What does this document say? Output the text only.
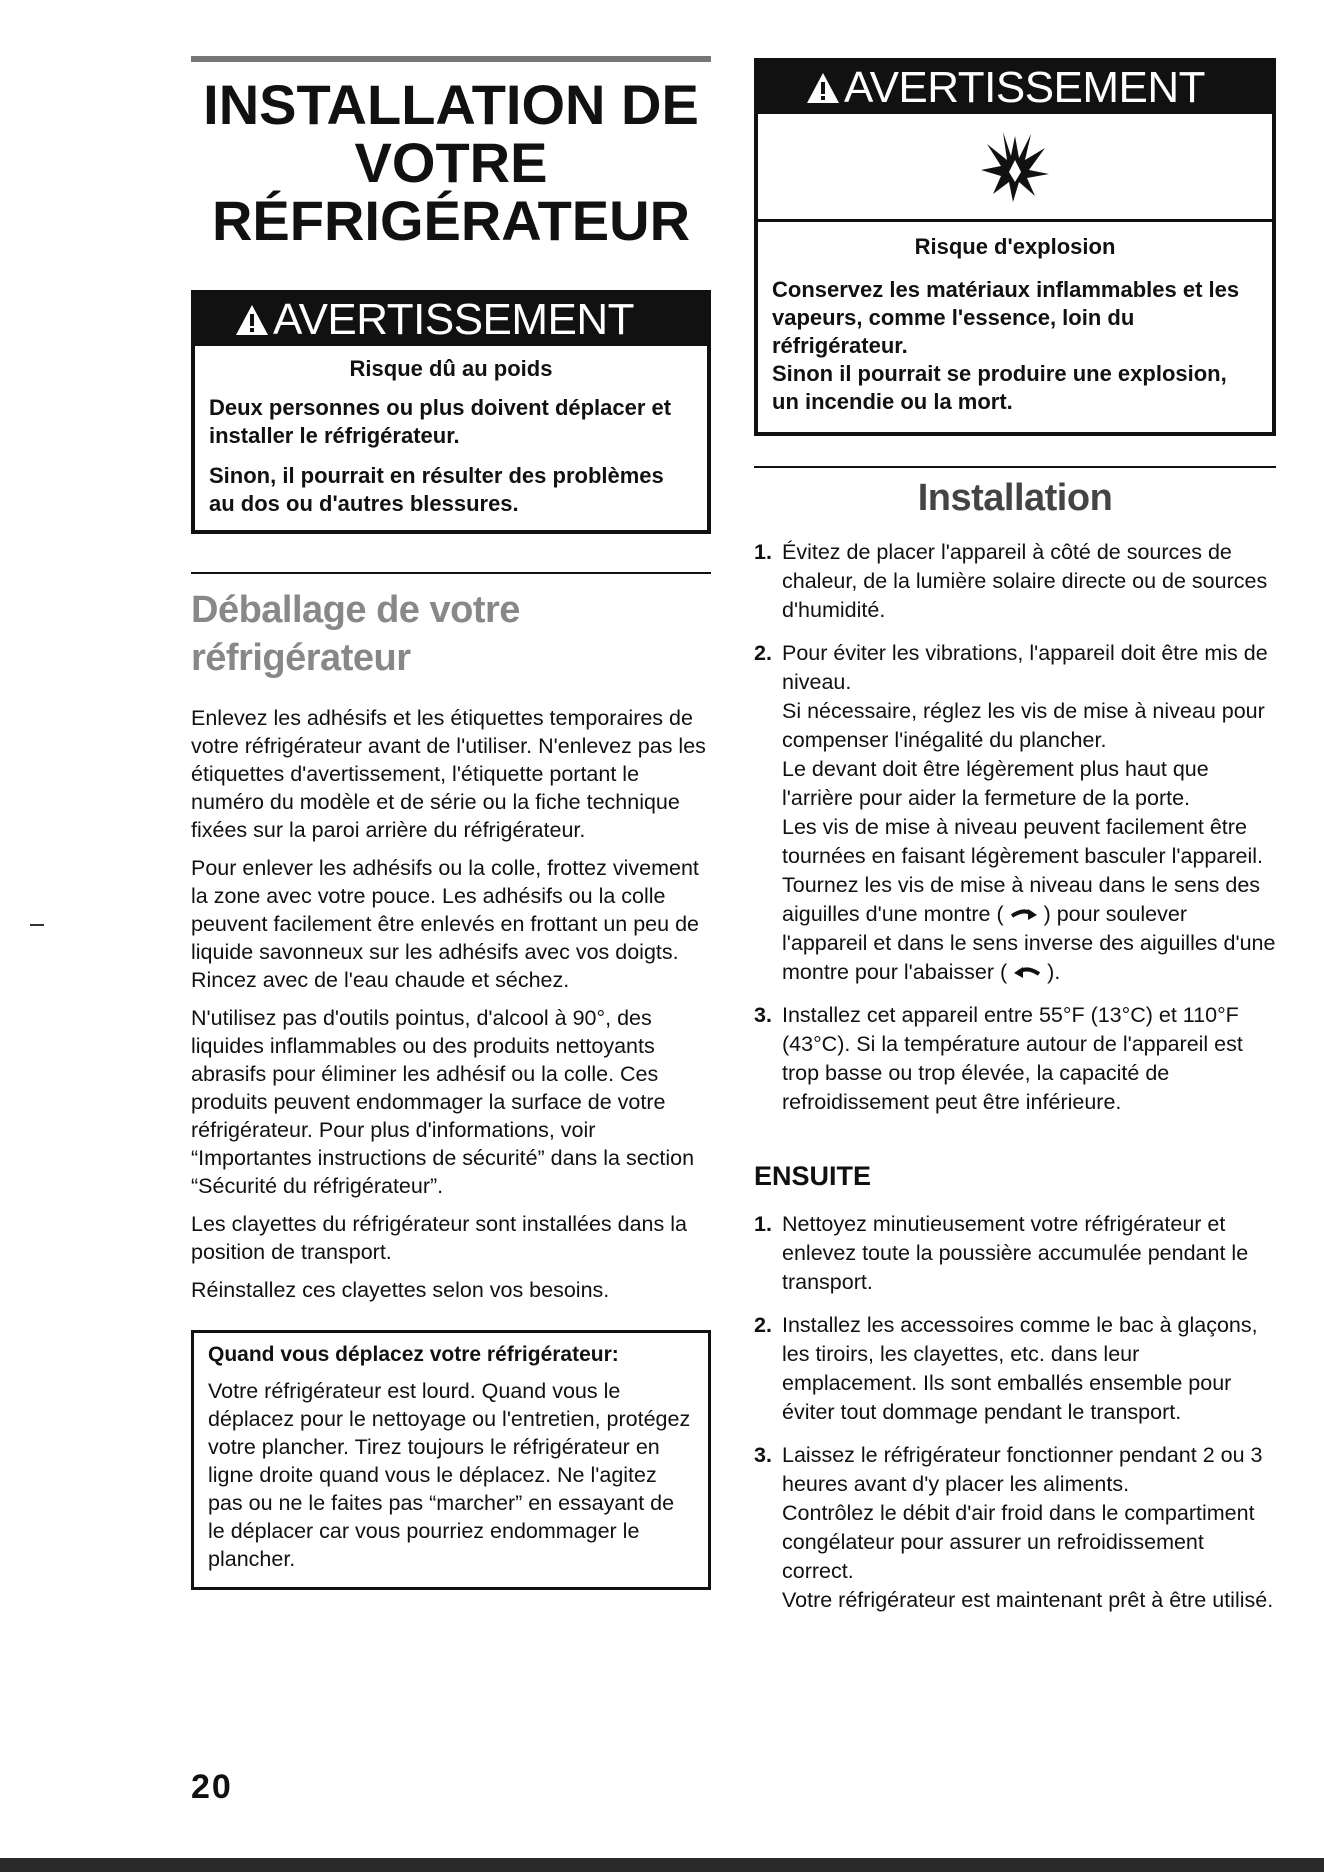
INSTALLATION DE
VOTRE
RÉFRIGÉRATEUR
AVERTISSEMENT
Risque dû au poids

Deux personnes ou plus doivent déplacer et installer le réfrigérateur.

Sinon, il pourrait en résulter des problèmes au dos ou d'autres blessures.

Déballage de votre réfrigérateur

Enlevez les adhésifs et les étiquettes temporaires de votre réfrigérateur avant de l'utiliser. N'enlevez pas les étiquettes d'avertissement, l'étiquette portant le numéro du modèle et de série ou la fiche technique fixées sur la paroi arrière du réfrigérateur.

Pour enlever les adhésifs ou la colle, frottez vivement la zone avec votre pouce. Les adhésifs ou la colle peuvent facilement être enlevés en frottant un peu de liquide savonneux sur les adhésifs avec vos doigts. Rincez avec de l'eau chaude et séchez.

N'utilisez pas d'outils pointus, d'alcool à 90°, des liquides inflammables ou des produits nettoyants abrasifs pour éliminer les adhésif ou la colle. Ces produits peuvent endommager la surface de votre réfrigérateur. Pour plus d'informations, voir “Importantes instructions de sécurité” dans la section “Sécurité du réfrigérateur”.

Les clayettes du réfrigérateur sont installées dans la position de transport.

Réinstallez ces clayettes selon vos besoins.

Quand vous déplacez votre réfrigérateur:

Votre réfrigérateur est lourd. Quand vous le déplacez pour le nettoyage ou l'entretien, protégez votre plancher. Tirez toujours le réfrigérateur en ligne droite quand vous le déplacez. Ne l'agitez pas ou ne le faites pas “marcher” en essayant de le déplacer car vous pourriez endommager le plancher.

AVERTISSEMENT
Risque d'explosion

Conservez les matériaux inflammables et les vapeurs, comme l'essence, loin du réfrigérateur.

Sinon il pourrait se produire une explosion, un incendie ou la mort.

Installation
1. Évitez de placer l'appareil à côté de sources de chaleur, de la lumière solaire directe ou de sources d'humidité.
2. Pour éviter les vibrations, l'appareil doit être mis de niveau.
Si nécessaire, réglez les vis de mise à niveau pour compenser l'inégalité du plancher.
Le devant doit être légèrement plus haut que l'arrière pour aider la fermeture de la porte.
Les vis de mise à niveau peuvent facilement être tournées en faisant légèrement basculer l'appareil.
Tournez les vis de mise à niveau dans le sens des aiguilles d'une montre ( ) pour soulever l'appareil et dans le sens inverse des aiguilles d'une montre pour l'abaisser ( ).
3. Installez cet appareil entre 55°F (13°C) et 110°F (43°C). Si la température autour de l'appareil est trop basse ou trop élevée, la capacité de refroidissement peut être inférieure.
ENSUITE
1. Nettoyez minutieusement votre réfrigérateur et enlevez toute la poussière accumulée pendant le transport.
2. Installez les accessoires comme le bac à glaçons, les tiroirs, les clayettes, etc. dans leur emplacement. Ils sont emballés ensemble pour éviter tout dommage pendant le transport.
3. Laissez le réfrigérateur fonctionner pendant 2 ou 3 heures avant d'y placer les aliments.
Contrôlez le débit d'air froid dans le compartiment congélateur pour assurer un refroidissement correct.
Votre réfrigérateur est maintenant prêt à être utilisé.
20
